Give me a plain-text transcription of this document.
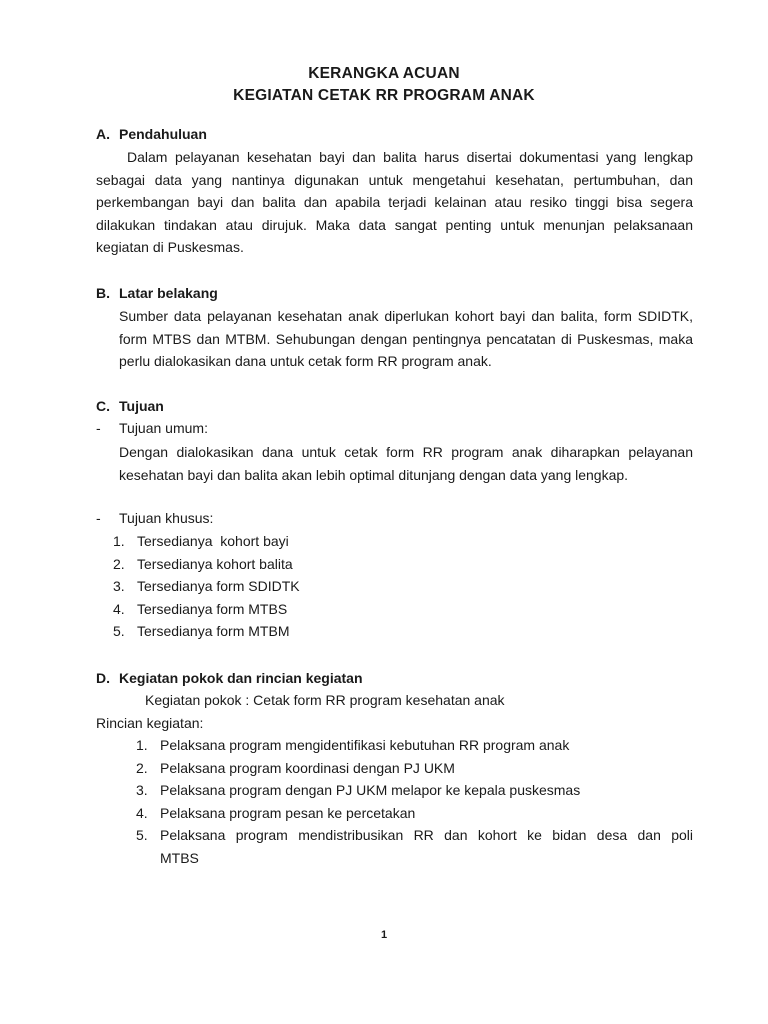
KERANGKA ACUAN
KEGIATAN CETAK RR PROGRAM ANAK
A. Pendahuluan

Dalam pelayanan kesehatan bayi dan balita harus disertai dokumentasi yang lengkap sebagai data yang nantinya digunakan untuk mengetahui kesehatan, pertumbuhan, dan perkembangan bayi dan balita dan apabila terjadi kelainan atau resiko tinggi bisa segera dilakukan tindakan atau dirujuk. Maka data sangat penting untuk menunjan pelaksanaan kegiatan di Puskesmas.

B. Latar belakang

Sumber data pelayanan kesehatan anak diperlukan kohort bayi dan balita, form SDIDTK, form MTBS dan MTBM. Sehubungan dengan pentingnya pencatatan di Puskesmas, maka perlu dialokasikan dana untuk cetak form RR program anak.

C. Tujuan
- Tujuan umum:

Dengan dialokasikan dana untuk cetak form RR program anak diharapkan pelayanan kesehatan bayi dan balita akan lebih optimal ditunjang dengan data yang lengkap.

- Tujuan khusus:
1. Tersedianya  kohort bayi
2. Tersedianya kohort balita
3. Tersedianya form SDIDTK
4. Tersedianya form MTBS
5. Tersedianya form MTBM
D. Kegiatan pokok dan rincian kegiatan
Kegiatan pokok : Cetak form RR program kesehatan anak
Rincian kegiatan:
1. Pelaksana program mengidentifikasi kebutuhan RR program anak
2. Pelaksana program koordinasi dengan PJ UKM
3. Pelaksana program dengan PJ UKM melapor ke kepala puskesmas
4. Pelaksana program pesan ke percetakan
5. Pelaksana program mendistribusikan RR dan kohort ke bidan desa dan poli
MTBS
1
